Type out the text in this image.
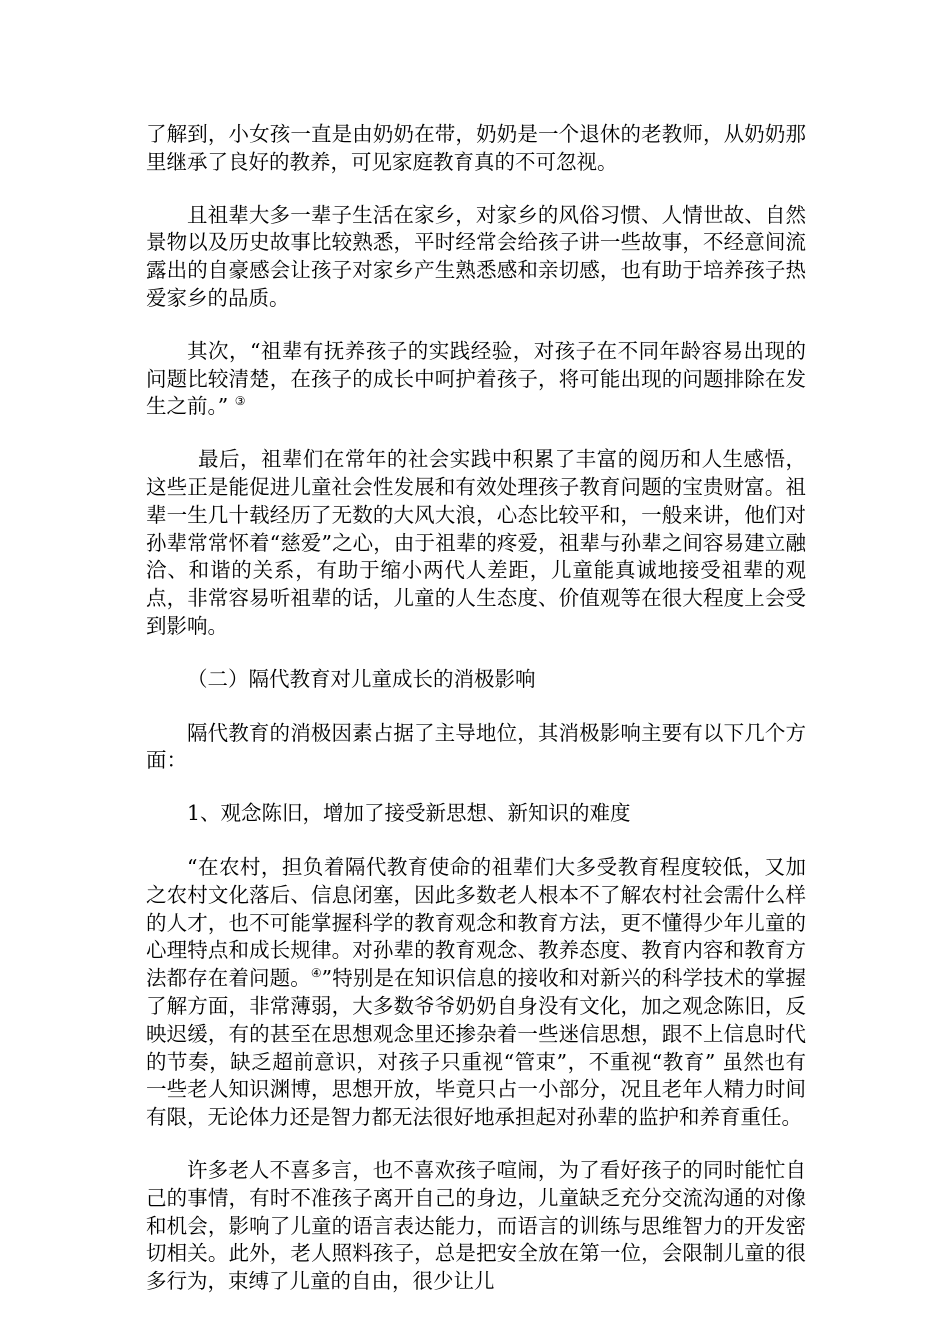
了解到，小女孩一直是由奶奶在带，奶奶是一个退休的老教师，从奶奶那里继承了良好的教养，可见家庭教育真的不可忽视。

且祖辈大多一辈子生活在家乡，对家乡的风俗习惯、人情世故、自然景物以及历史故事比较熟悉，平时经常会给孩子讲一些故事，不经意间流露出的自豪感会让孩子对家乡产生熟悉感和亲切感，也有助于培养孩子热爱家乡的品质。

其次，“祖辈有抚养孩子的实践经验，对孩子在不同年龄容易出现的问题比较清楚，在孩子的成长中呵护着孩子，将可能出现的问题排除在发生之前。” ③

最后，祖辈们在常年的社会实践中积累了丰富的阅历和人生感悟，这些正是能促进儿童社会性发展和有效处理孩子教育问题的宝贵财富。祖辈一生几十载经历了无数的大风大浪，心态比较平和，一般来讲，他们对孙辈常常怀着“慈爱”之心，由于祖辈的疼爱，祖辈与孙辈之间容易建立融洽、和谐的关系，有助于缩小两代人差距，儿童能真诚地接受祖辈的观点，非常容易听祖辈的话，儿童的人生态度、价值观等在很大程度上会受到影响。

（二）隔代教育对儿童成长的消极影响

隔代教育的消极因素占据了主导地位，其消极影响主要有以下几个方面：

1、观念陈旧，增加了接受新思想、新知识的难度

“在农村，担负着隔代教育使命的祖辈们大多受教育程度较低，又加之农村文化落后、信息闭塞，因此多数老人根本不了解农村社会需什么样的人才，也不可能掌握科学的教育观念和教育方法，更不懂得少年儿童的心理特点和成长规律。对孙辈的教育观念、教养态度、教育内容和教育方法都存在着问题。④”特别是在知识信息的接收和对新兴的科学技术的掌握了解方面，非常薄弱，大多数爷爷奶奶自身没有文化，加之观念陈旧，反映迟缓，有的甚至在思想观念里还掺杂着一些迷信思想，跟不上信息时代的节奏，缺乏超前意识，对孩子只重视“管束”，不重视“教育” 虽然也有一些老人知识渊博，思想开放，毕竟只占一小部分，况且老年人精力时间有限，无论体力还是智力都无法很好地承担起对孙辈的监护和养育重任。

许多老人不喜多言，也不喜欢孩子喧闹，为了看好孩子的同时能忙自己的事情，有时不准孩子离开自己的身边，儿童缺乏充分交流沟通的对像和机会，影响了儿童的语言表达能力，而语言的训练与思维智力的开发密切相关。此外，老人照料孩子，总是把安全放在第一位，会限制儿童的很多行为，束缚了儿童的自由，很少让儿
